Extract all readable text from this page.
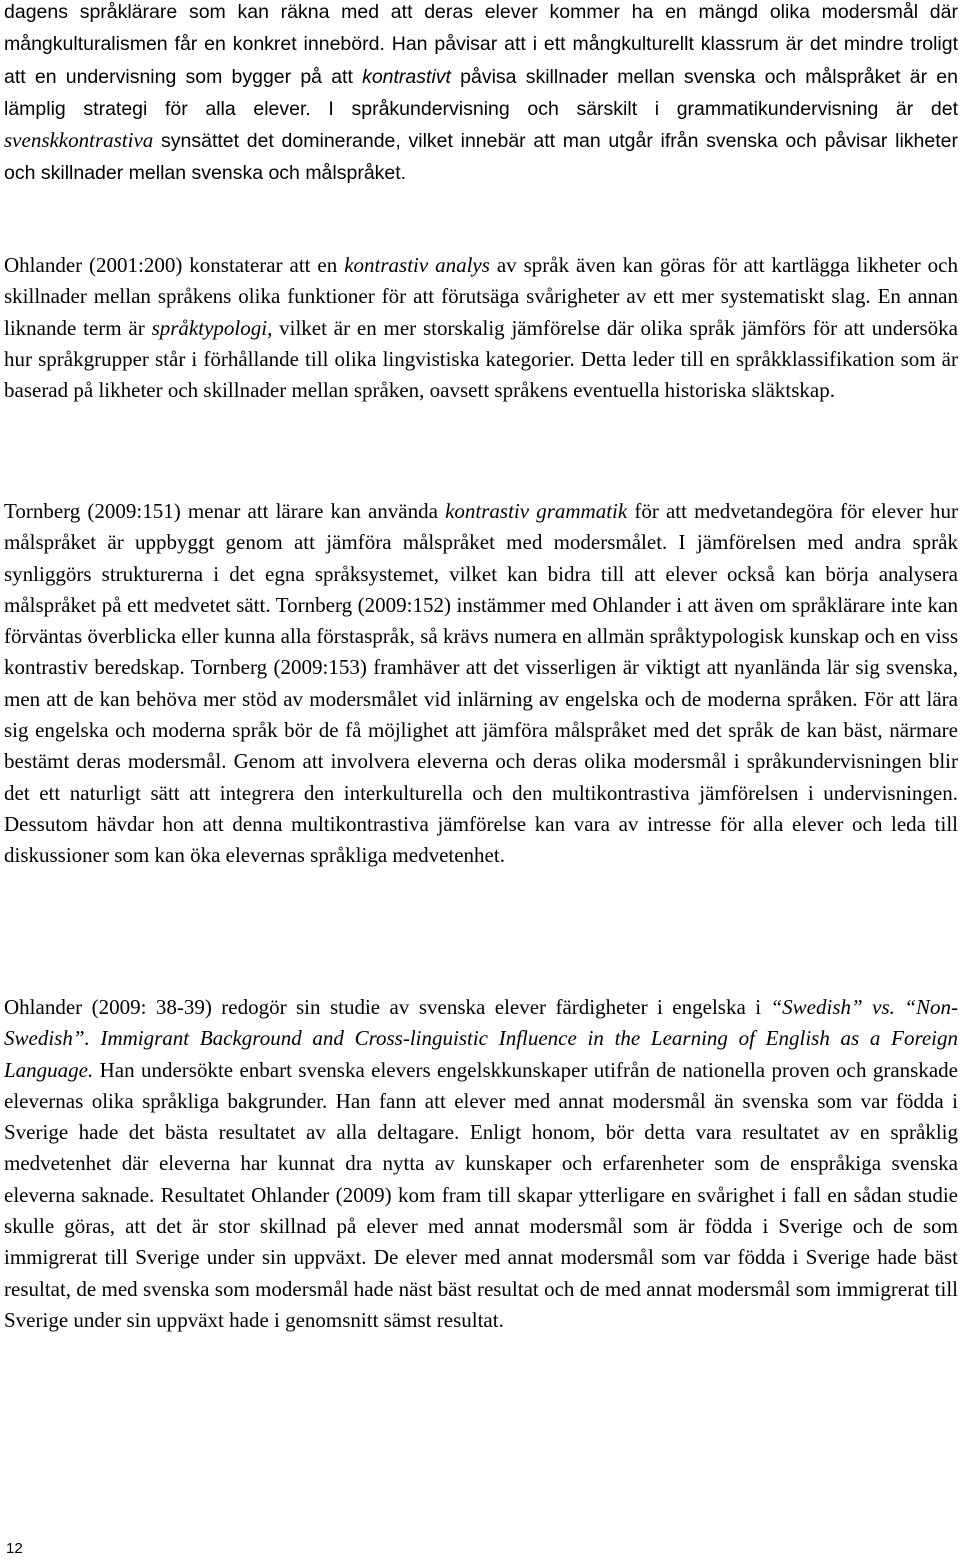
dagens språklärare som kan räkna med att deras elever kommer ha en mängd olika modersmål där mångkulturalismen får en konkret innebörd. Han påvisar att i ett mångkulturellt klassrum är det mindre troligt att en undervisning som bygger på att kontrastivt påvisa skillnader mellan svenska och målspråket är en lämplig strategi för alla elever. I språkundervisning och särskilt i grammatikundervisning är det svenskkontrastiva synsättet det dominerande, vilket innebär att man utgår ifrån svenska och påvisar likheter och skillnader mellan svenska och målspråket.

Ohlander (2001:200) konstaterar att en kontrastiv analys av språk även kan göras för att kartlägga likheter och skillnader mellan språkens olika funktioner för att förutsäga svårigheter av ett mer systematiskt slag. En annan liknande term är språktypologi, vilket är en mer storskalig jämförelse där olika språk jämförs för att undersöka hur språkgrupper står i förhållande till olika lingvistiska kategorier. Detta leder till en språkklassifikation som är baserad på likheter och skillnader mellan språken, oavsett språkens eventuella historiska släktskap.

Tornberg (2009:151) menar att lärare kan använda kontrastiv grammatik för att medvetandegöra för elever hur målspråket är uppbyggt genom att jämföra målspråket med modersmålet. I jämförelsen med andra språk synliggörs strukturerna i det egna språksystemet, vilket kan bidra till att elever också kan börja analysera målspråket på ett medvetet sätt. Tornberg (2009:152) instämmer med Ohlander i att även om språklärare inte kan förväntas överblicka eller kunna alla förstaspråk, så krävs numera en allmän språktypologisk kunskap och en viss kontrastiv beredskap. Tornberg (2009:153) framhäver att det visserligen är viktigt att nyanlända lär sig svenska, men att de kan behöva mer stöd av modersmålet vid inlärning av engelska och de moderna språken. För att lära sig engelska och moderna språk bör de få möjlighet att jämföra målspråket med det språk de kan bäst, närmare bestämt deras modersmål. Genom att involvera eleverna och deras olika modersmål i språkundervisningen blir det ett naturligt sätt att integrera den interkulturella och den multikontrastiva jämförelsen i undervisningen. Dessutom hävdar hon att denna multikontrastiva jämförelse kan vara av intresse för alla elever och leda till diskussioner som kan öka elevernas språkliga medvetenhet.

Ohlander (2009: 38-39) redogör sin studie av svenska elever färdigheter i engelska i “Swedish” vs. “Non-Swedish”. Immigrant Background and Cross-linguistic Influence in the Learning of English as a Foreign Language. Han undersökte enbart svenska elevers engelskkunskaper utifrån de nationella proven och granskade elevernas olika språkliga bakgrunder. Han fann att elever med annat modersmål än svenska som var födda i Sverige hade det bästa resultatet av alla deltagare. Enligt honom, bör detta vara resultatet av en språklig medvetenhet där eleverna har kunnat dra nytta av kunskaper och erfarenheter som de enspråkiga svenska eleverna saknade. Resultatet Ohlander (2009) kom fram till skapar ytterligare en svårighet i fall en sådan studie skulle göras, att det är stor skillnad på elever med annat modersmål som är födda i Sverige och de som immigrerat till Sverige under sin uppväxt. De elever med annat modersmål som var födda i Sverige hade bäst resultat, de med svenska som modersmål hade näst bäst resultat och de med annat modersmål som immigrerat till Sverige under sin uppväxt hade i genomsnitt sämst resultat.

12
